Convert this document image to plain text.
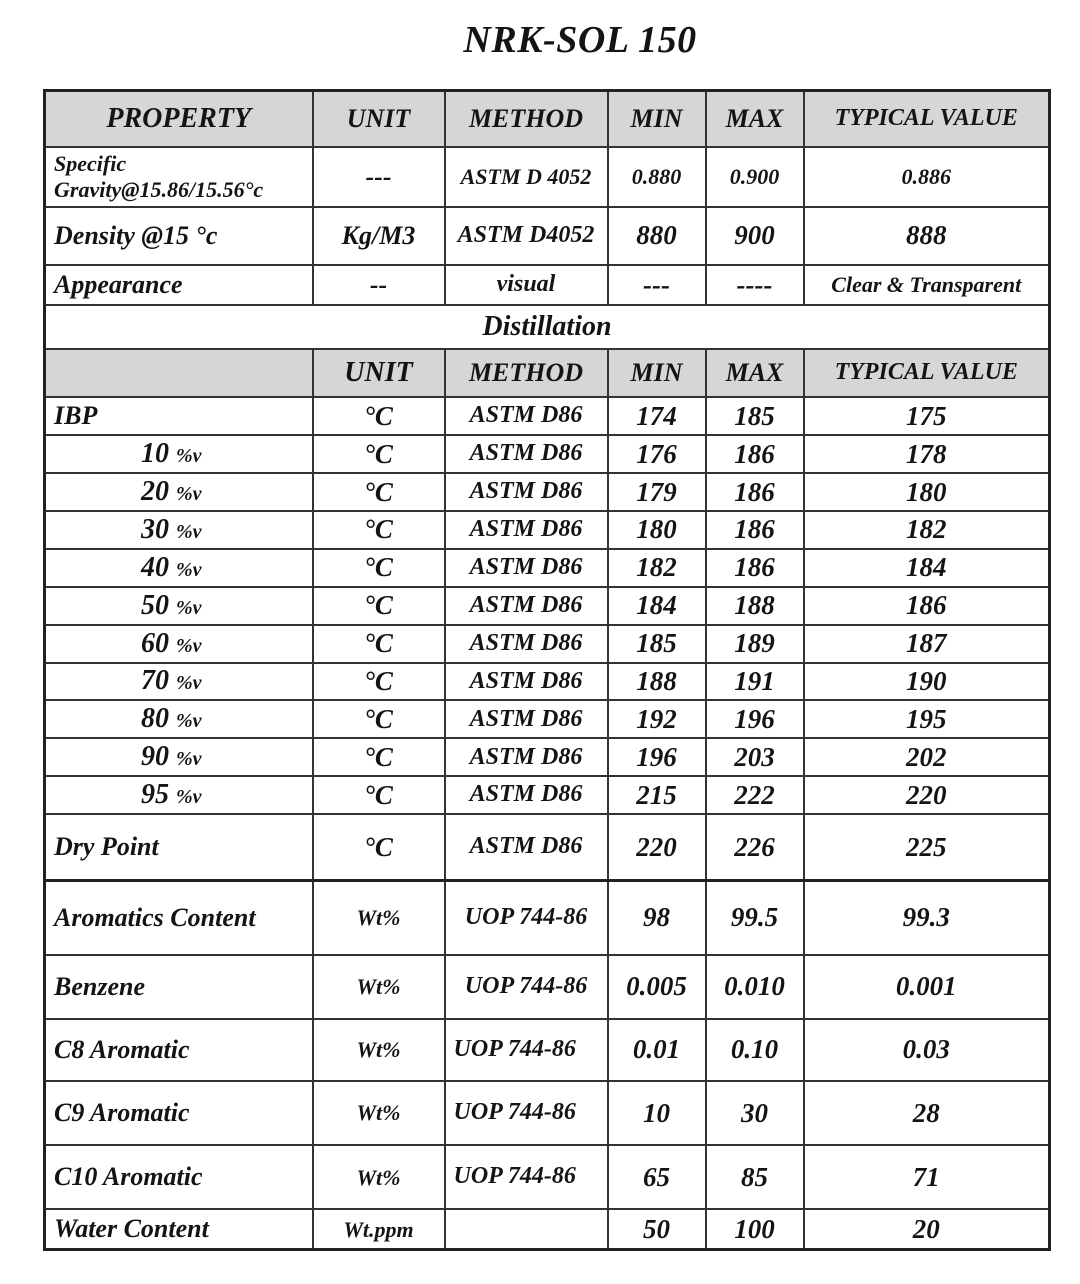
NRK-SOL 150
PROPERTY	UNIT	METHOD	MIN	MAX	TYPICAL VALUE
Specific Gravity@15.86/15.56°c	---	ASTM D 4052	0.880	0.900	0.886
Density @15 °c	Kg/M3	ASTM D4052	880	900	888
Appearance	--	visual	---	----	Clear & Transparent
Distillation					
	UNIT	METHOD	MIN	MAX	TYPICAL VALUE
IBP	°C	ASTM D86	174	185	175
10 %v	°C	ASTM D86	176	186	178
20 %v	°C	ASTM D86	179	186	180
30 %v	°C	ASTM D86	180	186	182
40 %v	°C	ASTM D86	182	186	184
50 %v	°C	ASTM D86	184	188	186
60 %v	°C	ASTM D86	185	189	187
70 %v	°C	ASTM D86	188	191	190
80 %v	°C	ASTM D86	192	196	195
90 %v	°C	ASTM D86	196	203	202
95 %v	°C	ASTM D86	215	222	220
Dry Point	°C	ASTM D86	220	226	225
Aromatics Content	Wt%	UOP 744-86	98	99.5	99.3
Benzene	Wt%	UOP 744-86	0.005	0.010	0.001
C8 Aromatic	Wt%	UOP 744-86	0.01	0.10	0.03
C9 Aromatic	Wt%	UOP 744-86	10	30	28
C10 Aromatic	Wt%	UOP 744-86	65	85	71
Water Content	Wt.ppm		50	100	20
